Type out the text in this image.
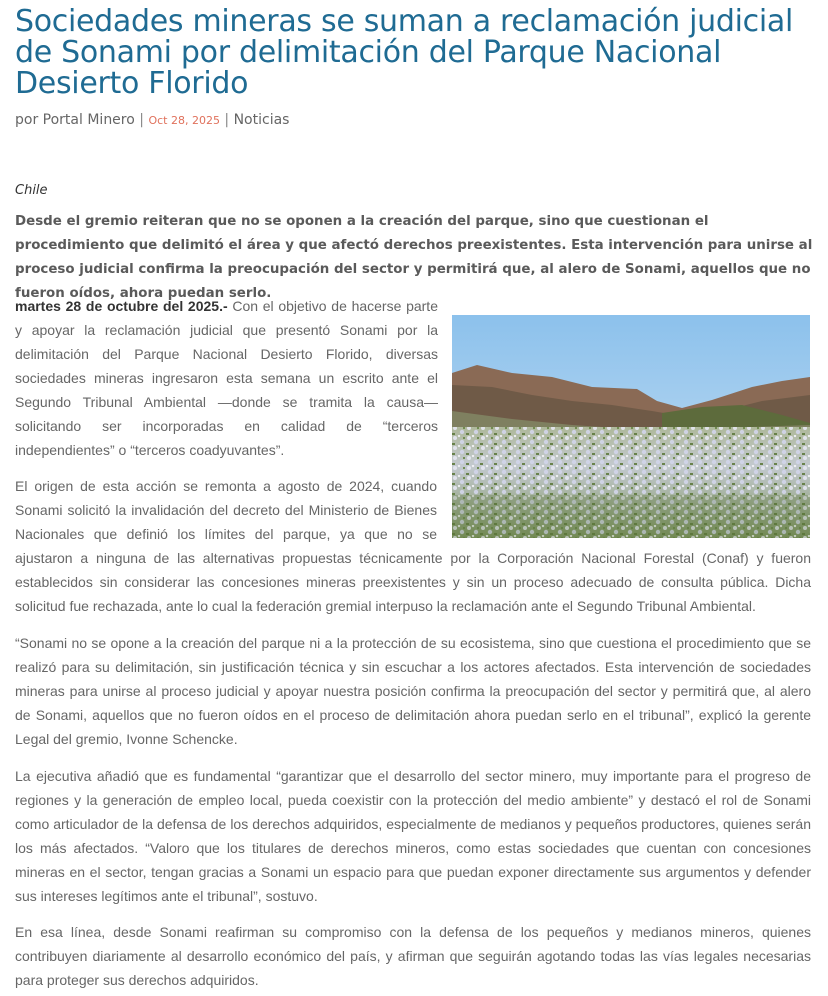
Sociedades mineras se suman a reclamación judicial de Sonami por delimitación del Parque Nacional Desierto Florido
por Portal Minero | Oct 28, 2025 | Noticias
Chile

Desde el gremio reiteran que no se oponen a la creación del parque, sino que cuestionan el procedimiento que delimitó el área y que afectó derechos preexistentes. Esta intervención para unirse al proceso judicial confirma la preocupación del sector y permitirá que, al alero de Sonami, aquellos que no fueron oídos, ahora puedan serlo.

martes 28 de octubre del 2025.- Con el objetivo de hacerse parte y apoyar la reclamación judicial que presentó Sonami por la delimitación del Parque Nacional Desierto Florido, diversas sociedades mineras ingresaron esta semana un escrito ante el Segundo Tribunal Ambiental —donde se tramita la causa— solicitando ser incorporadas en calidad de “terceros independientes” o “terceros coadyuvantes”.

El origen de esta acción se remonta a agosto de 2024, cuando Sonami solicitó la invalidación del decreto del Ministerio de Bienes Nacionales que definió los límites del parque, ya que no se ajustaron a ninguna de las alternativas propuestas técnicamente por la Corporación Nacional Forestal (Conaf) y fueron establecidos sin considerar las concesiones mineras preexistentes y sin un proceso adecuado de consulta pública. Dicha solicitud fue rechazada, ante lo cual la federación gremial interpuso la reclamación ante el Segundo Tribunal Ambiental.

“Sonami no se opone a la creación del parque ni a la protección de su ecosistema, sino que cuestiona el procedimiento que se realizó para su delimitación, sin justificación técnica y sin escuchar a los actores afectados. Esta intervención de sociedades mineras para unirse al proceso judicial y apoyar nuestra posición confirma la preocupación del sector y permitirá que, al alero de Sonami, aquellos que no fueron oídos en el proceso de delimitación ahora puedan serlo en el tribunal”, explicó la gerente Legal del gremio, Ivonne Schencke.

La ejecutiva añadió que es fundamental “garantizar que el desarrollo del sector minero, muy importante para el progreso de regiones y la generación de empleo local, pueda coexistir con la protección del medio ambiente” y destacó el rol de Sonami como articulador de la defensa de los derechos adquiridos, especialmente de medianos y pequeños productores, quienes serán los más afectados. “Valoro que los titulares de derechos mineros, como estas sociedades que cuentan con concesiones mineras en el sector, tengan gracias a Sonami un espacio para que puedan exponer directamente sus argumentos y defender sus intereses legítimos ante el tribunal”, sostuvo.

En esa línea, desde Sonami reafirman su compromiso con la defensa de los pequeños y medianos mineros, quienes contribuyen diariamente al desarrollo económico del país, y afirman que seguirán agotando todas las vías legales necesarias para proteger sus derechos adquiridos.
